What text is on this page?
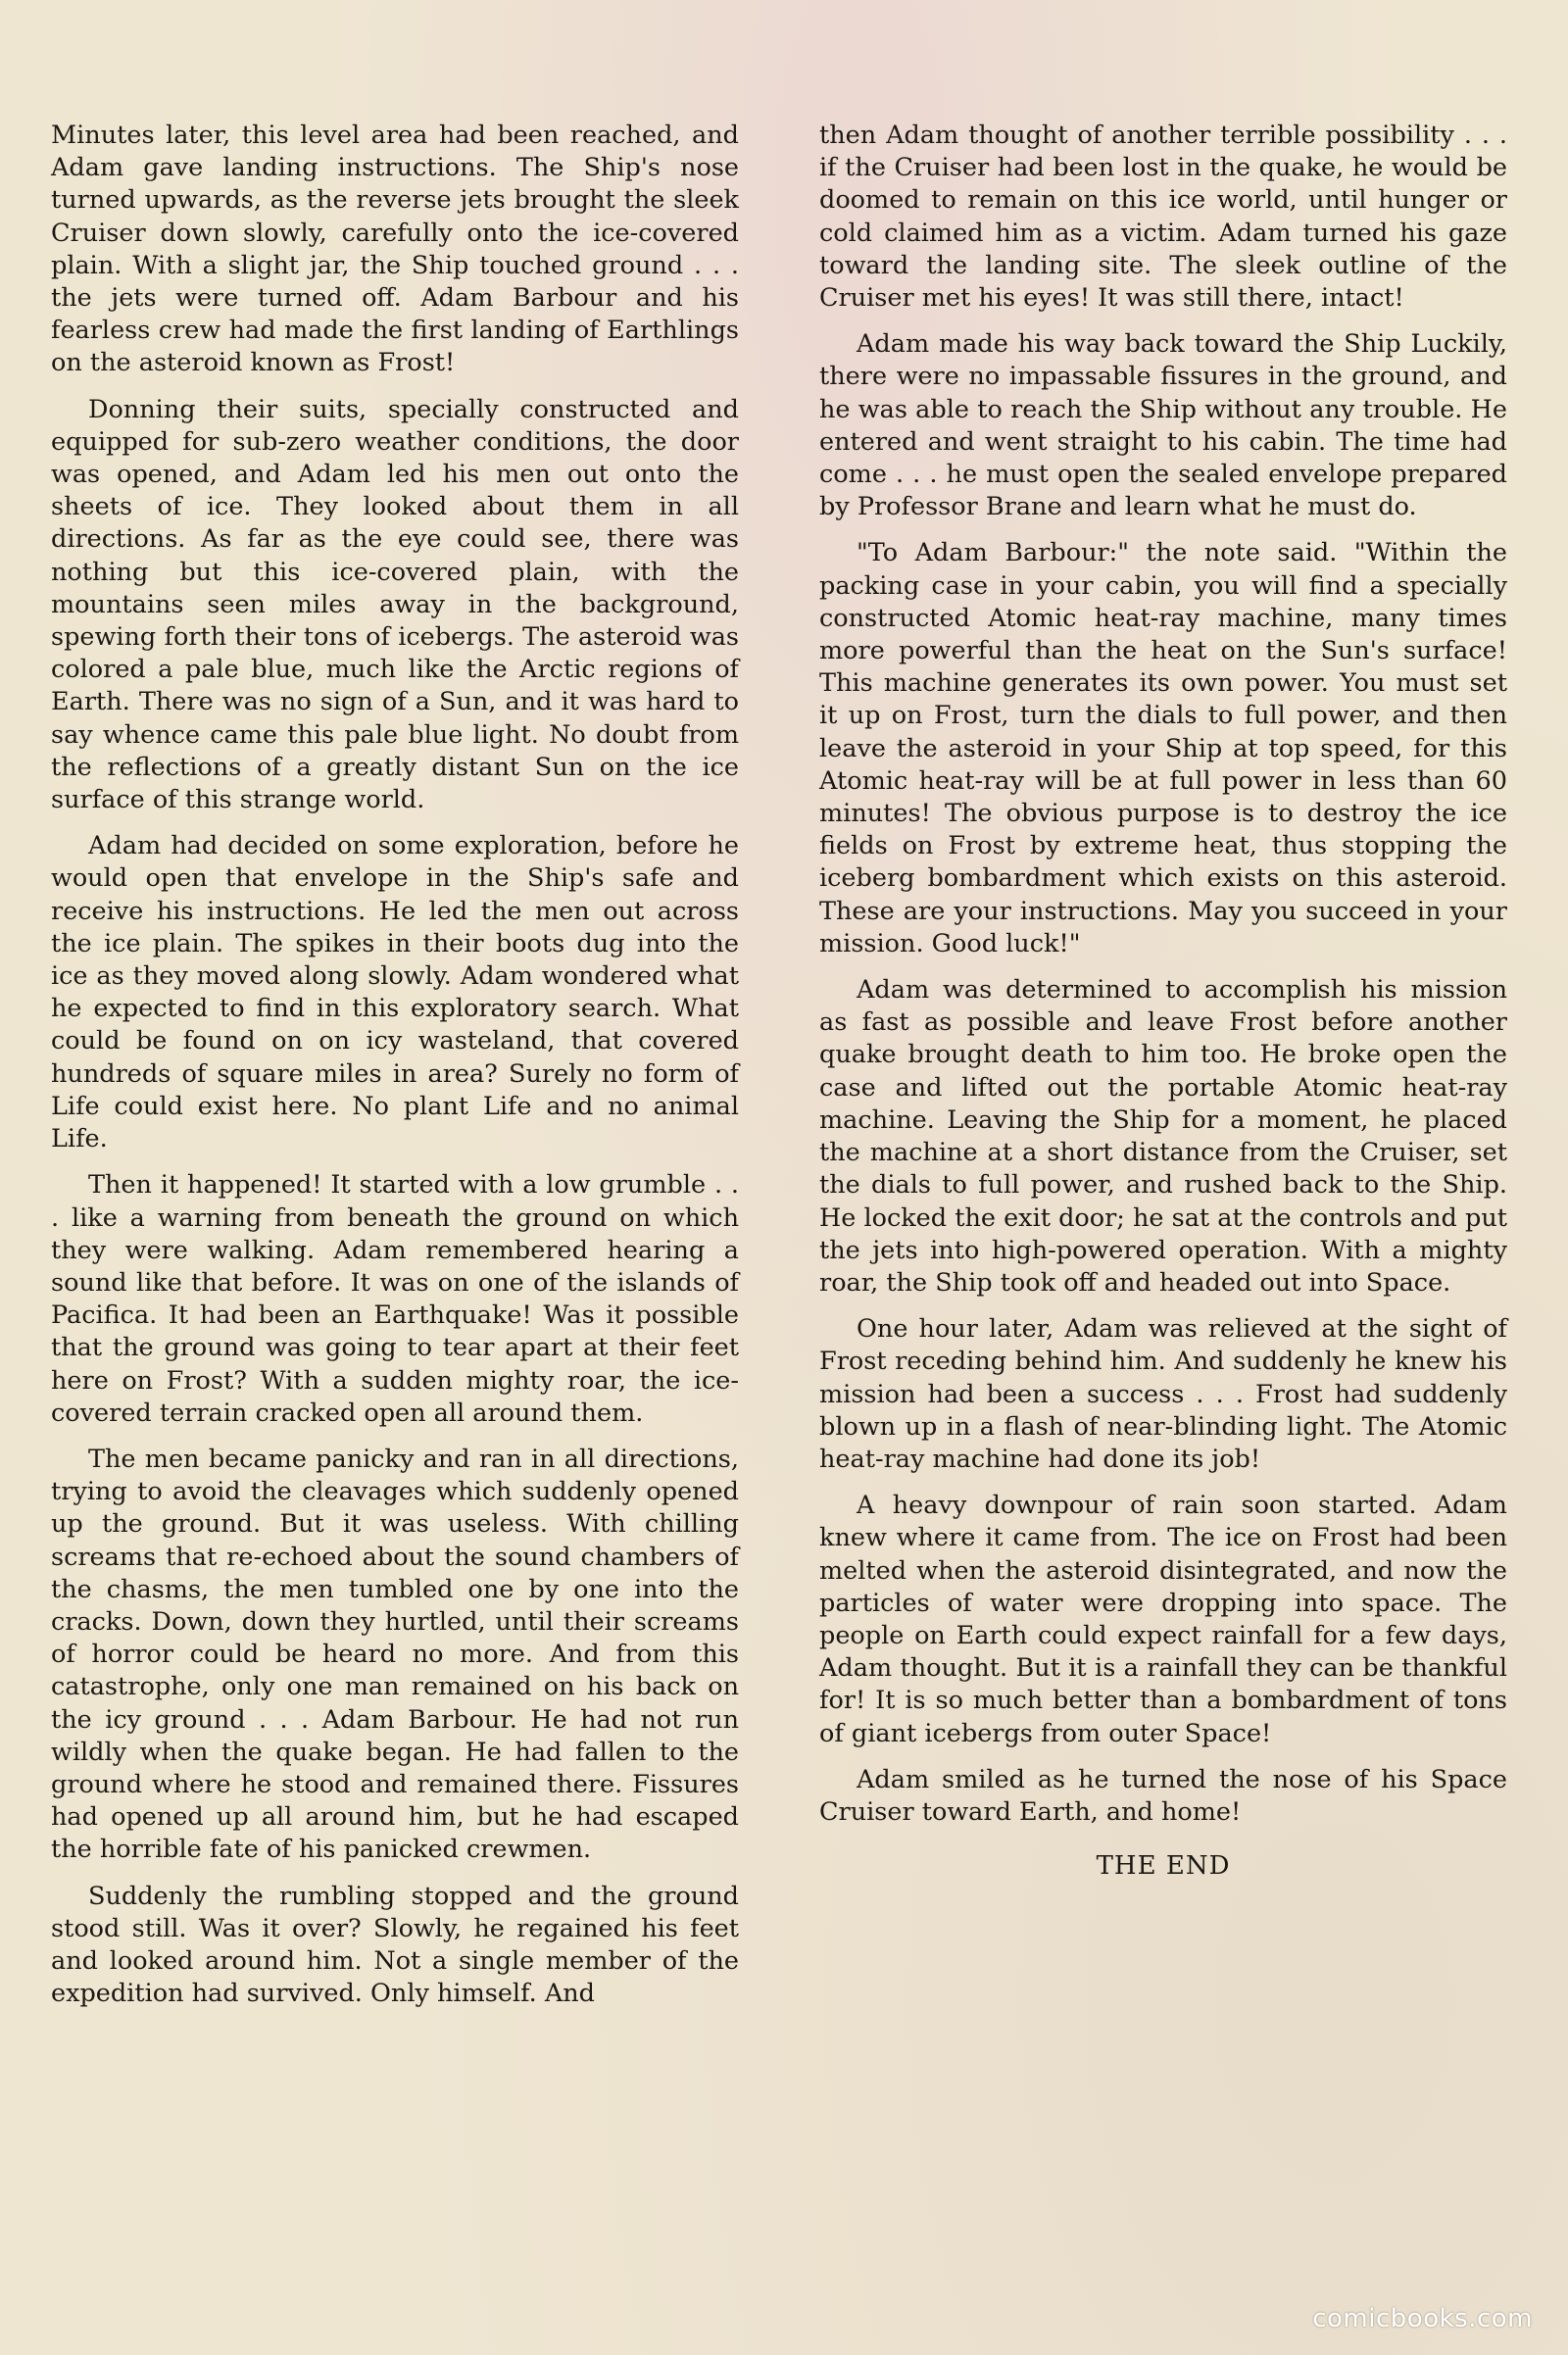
Minutes later, this level area had been reached, and Adam gave landing instructions. The Ship's nose turned upwards, as the reverse jets brought the sleek Cruiser down slowly, carefully onto the ice-covered plain. With a slight jar, the Ship touched ground . . . the jets were turned off. Adam Barbour and his fearless crew had made the first landing of Earthlings on the asteroid known as Frost!

Donning their suits, specially constructed and equipped for sub-zero weather conditions, the door was opened, and Adam led his men out onto the sheets of ice. They looked about them in all directions. As far as the eye could see, there was nothing but this ice-covered plain, with the mountains seen miles away in the background, spewing forth their tons of icebergs. The asteroid was colored a pale blue, much like the Arctic regions of Earth. There was no sign of a Sun, and it was hard to say whence came this pale blue light. No doubt from the reflections of a greatly distant Sun on the ice surface of this strange world.

Adam had decided on some exploration, before he would open that envelope in the Ship's safe and receive his instructions. He led the men out across the ice plain. The spikes in their boots dug into the ice as they moved along slowly. Adam wondered what he expected to find in this exploratory search. What could be found on on icy wasteland, that covered hundreds of square miles in area? Surely no form of Life could exist here. No plant Life and no animal Life.

Then it happened! It started with a low grumble . . . like a warning from beneath the ground on which they were walking. Adam remembered hearing a sound like that before. It was on one of the islands of Pacifica. It had been an Earthquake! Was it possible that the ground was going to tear apart at their feet here on Frost? With a sudden mighty roar, the ice-covered terrain cracked open all around them.

The men became panicky and ran in all directions, trying to avoid the cleavages which suddenly opened up the ground. But it was useless. With chilling screams that re-echoed about the sound chambers of the chasms, the men tumbled one by one into the cracks. Down, down they hurtled, until their screams of horror could be heard no more. And from this catastrophe, only one man remained on his back on the icy ground . . . Adam Barbour. He had not run wildly when the quake began. He had fallen to the ground where he stood and remained there. Fissures had opened up all around him, but he had escaped the horrible fate of his panicked crewmen.

Suddenly the rumbling stopped and the ground stood still. Was it over? Slowly, he regained his feet and looked around him. Not a single member of the expedition had survived. Only himself. And

then Adam thought of another terrible possibility . . . if the Cruiser had been lost in the quake, he would be doomed to remain on this ice world, until hunger or cold claimed him as a victim. Adam turned his gaze toward the landing site. The sleek outline of the Cruiser met his eyes! It was still there, intact!

Adam made his way back toward the Ship Luckily, there were no impassable fissures in the ground, and he was able to reach the Ship without any trouble. He entered and went straight to his cabin. The time had come . . . he must open the sealed envelope prepared by Professor Brane and learn what he must do.

"To Adam Barbour:" the note said. "Within the packing case in your cabin, you will find a specially constructed Atomic heat-ray machine, many times more powerful than the heat on the Sun's surface! This machine generates its own power. You must set it up on Frost, turn the dials to full power, and then leave the asteroid in your Ship at top speed, for this Atomic heat-ray will be at full power in less than 60 minutes! The obvious purpose is to destroy the ice fields on Frost by extreme heat, thus stopping the iceberg bombardment which exists on this asteroid. These are your instructions. May you succeed in your mission. Good luck!"

Adam was determined to accomplish his mission as fast as possible and leave Frost before another quake brought death to him too. He broke open the case and lifted out the portable Atomic heat-ray machine. Leaving the Ship for a moment, he placed the machine at a short distance from the Cruiser, set the dials to full power, and rushed back to the Ship. He locked the exit door; he sat at the controls and put the jets into high-powered operation. With a mighty roar, the Ship took off and headed out into Space.

One hour later, Adam was relieved at the sight of Frost receding behind him. And suddenly he knew his mission had been a success . . . Frost had suddenly blown up in a flash of near-blinding light. The Atomic heat-ray machine had done its job!

A heavy downpour of rain soon started. Adam knew where it came from. The ice on Frost had been melted when the asteroid disintegrated, and now the particles of water were dropping into space. The people on Earth could expect rainfall for a few days, Adam thought. But it is a rainfall they can be thankful for! It is so much better than a bombardment of tons of giant icebergs from outer Space!

Adam smiled as he turned the nose of his Space Cruiser toward Earth, and home!

THE END

comicbooks.com
